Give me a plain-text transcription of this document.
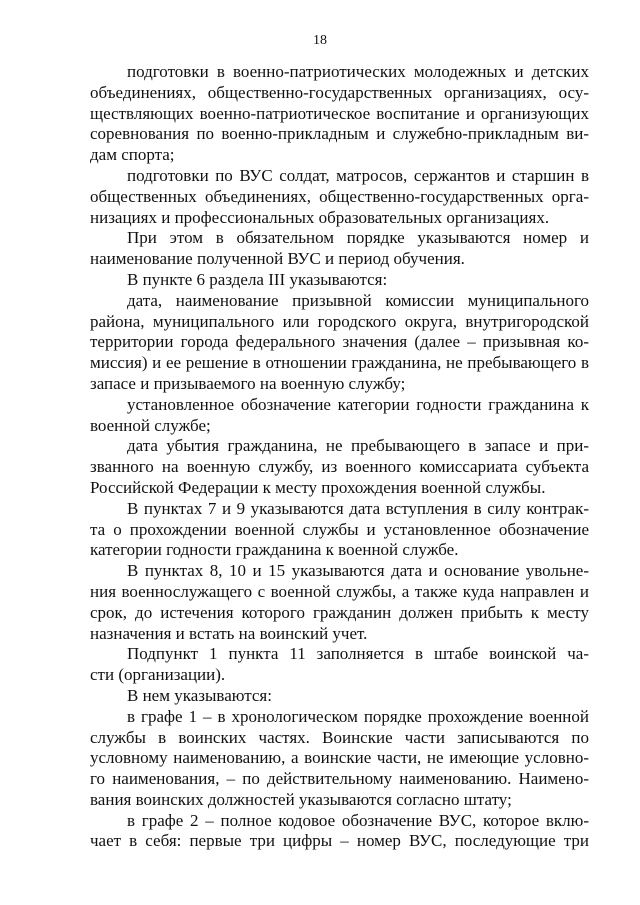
18

подготовки в военно-патриотических молодежных и детских
объединениях, общественно-государственных организациях, осу-
ществляющих военно-патриотическое воспитание и организующих
соревнования по военно-прикладным и служебно-прикладным ви-
дам спорта;

подготовки по ВУС солдат, матросов, сержантов и старшин в
общественных объединениях, общественно-государственных орга-
низациях и профессиональных образовательных организациях.

При этом в обязательном порядке указываются номер и
наименование полученной ВУС и период обучения.

В пункте 6 раздела III указываются:

дата, наименование призывной комиссии муниципального
района, муниципального или городского округа, внутригородской
территории города федерального значения (далее – призывная ко-
миссия) и ее решение в отношении гражданина, не пребывающего в
запасе и призываемого на военную службу;

установленное обозначение категории годности гражданина к
военной службе;

дата убытия гражданина, не пребывающего в запасе и при-
званного на военную службу, из военного комиссариата субъекта
Российской Федерации к месту прохождения военной службы.

В пунктах 7 и 9 указываются дата вступления в силу контрак-
та о прохождении военной службы и установленное обозначение
категории годности гражданина к военной службе.

В пунктах 8, 10 и 15 указываются дата и основание увольне-
ния военнослужащего с военной службы, а также куда направлен и
срок, до истечения которого гражданин должен прибыть к месту
назначения и встать на воинский учет.

Подпункт 1 пункта 11 заполняется в штабе воинской ча-
сти (организации).

В нем указываются:

в графе 1 – в хронологическом порядке прохождение военной
службы в воинских частях. Воинские части записываются по
условному наименованию, а воинские части, не имеющие условно-
го наименования, – по действительному наименованию. Наимено-
вания воинских должностей указываются согласно штату;

в графе 2 – полное кодовое обозначение ВУС, которое вклю-
чает в себя: первые три цифры – номер ВУС, последующие три
